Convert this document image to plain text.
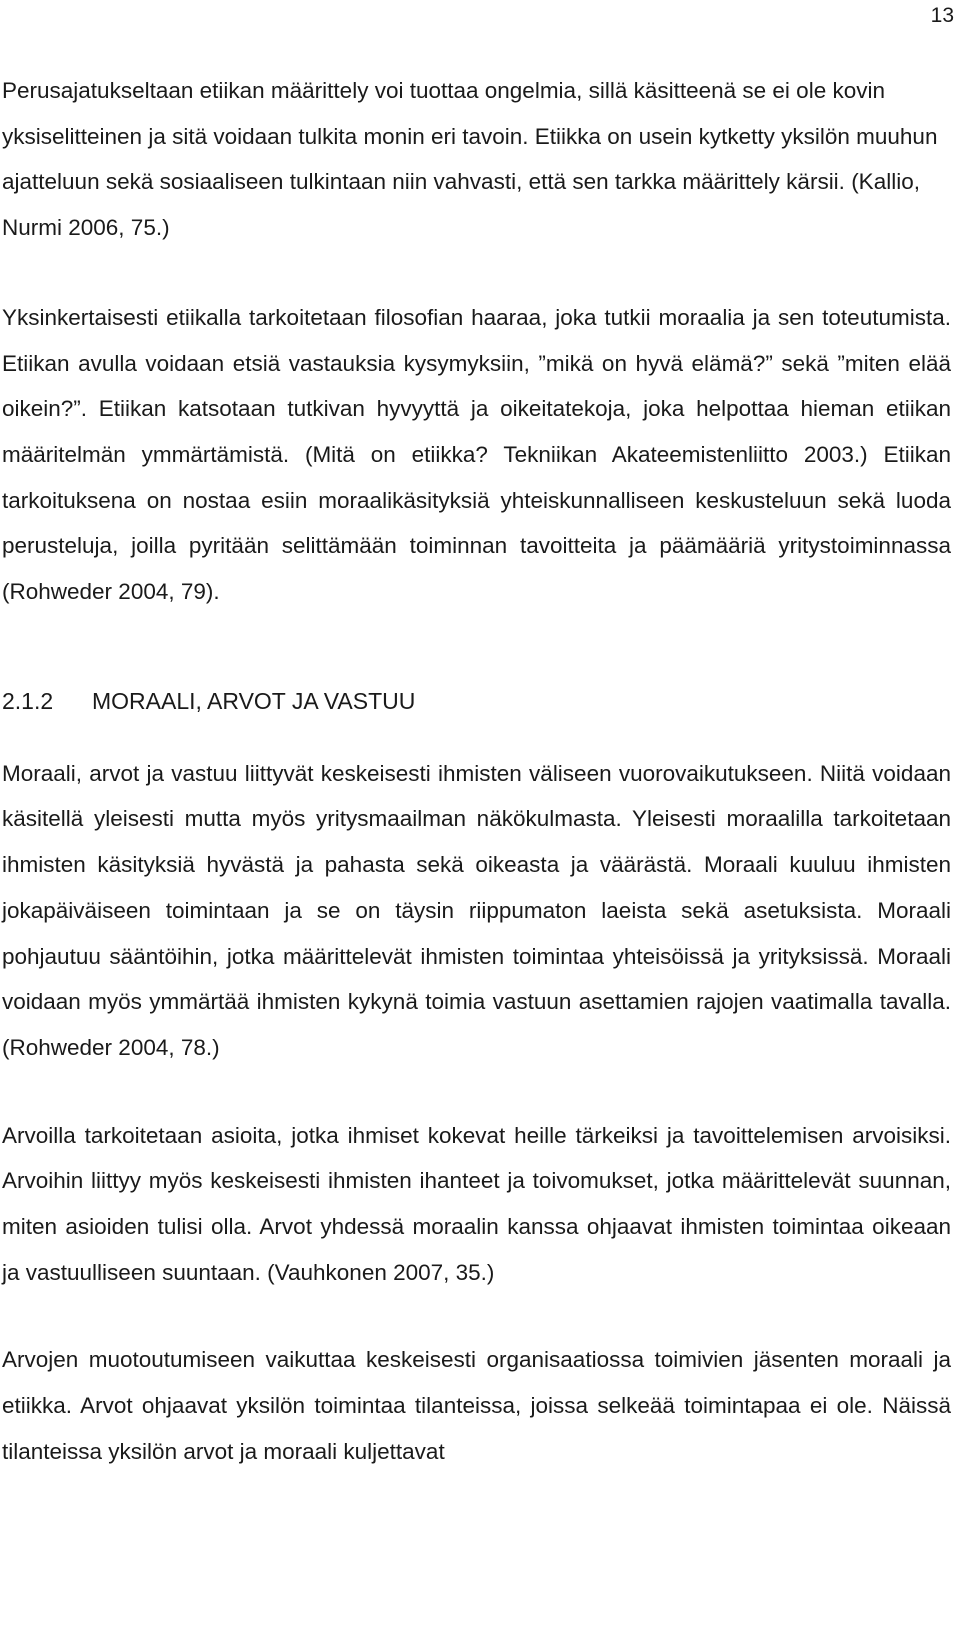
13

Perusajatukseltaan etiikan määrittely voi tuottaa ongelmia, sillä käsitteenä se ei ole kovin yksiselitteinen ja sitä voidaan tulkita monin eri tavoin. Etiikka on usein kytketty yksilön muuhun ajatteluun sekä sosiaaliseen tulkintaan niin vahvasti, että sen tarkka määrittely kärsii. (Kallio, Nurmi 2006, 75.)

Yksinkertaisesti etiikalla tarkoitetaan filosofian haaraa, joka tutkii moraalia ja sen toteutumista. Etiikan avulla voidaan etsiä vastauksia kysymyksiin, ”mikä on hyvä elämä?” sekä ”miten elää oikein?”. Etiikan katsotaan tutkivan hyvyyttä ja oikeitatekoja, joka helpottaa hieman etiikan määritelmän ymmärtämistä. (Mitä on etiikka? Tekniikan Akateemistenliitto 2003.) Etiikan tarkoituksena on nostaa esiin moraalikäsityksiä yhteiskunnalliseen keskusteluun sekä luoda perusteluja, joilla pyritään selittämään toiminnan tavoitteita ja päämääriä yritystoiminnassa (Rohweder 2004, 79).

2.1.2	MORAALI, ARVOT JA VASTUU

Moraali, arvot ja vastuu liittyvät keskeisesti ihmisten väliseen vuorovaikutukseen. Niitä voidaan käsitellä yleisesti mutta myös yritysmaailman näkökulmasta. Yleisesti moraalilla tarkoitetaan ihmisten käsityksiä hyvästä ja pahasta sekä oikeasta ja väärästä. Moraali kuuluu ihmisten jokapäiväiseen toimintaan ja se on täysin riippumaton laeista sekä asetuksista. Moraali pohjautuu sääntöihin, jotka määrittelevät ihmisten toimintaa yhteisöissä ja yrityksissä. Moraali voidaan myös ymmärtää ihmisten kykynä toimia vastuun asettamien rajojen vaatimalla tavalla. (Rohweder 2004, 78.)

Arvoilla tarkoitetaan asioita, jotka ihmiset kokevat heille tärkeiksi ja tavoittelemisen arvoisiksi. Arvoihin liittyy myös keskeisesti ihmisten ihanteet ja toivomukset, jotka määrittelevät suunnan, miten asioiden tulisi olla. Arvot yhdessä moraalin kanssa ohjaavat ihmisten toimintaa oikeaan ja vastuulliseen suuntaan. (Vauhkonen 2007, 35.)

Arvojen muotoutumiseen vaikuttaa keskeisesti organisaatiossa toimivien jäsenten moraali ja etiikka. Arvot ohjaavat yksilön toimintaa tilanteissa, joissa selkeää toimintapaa ei ole. Näissä tilanteissa yksilön arvot ja moraali kuljettavat
